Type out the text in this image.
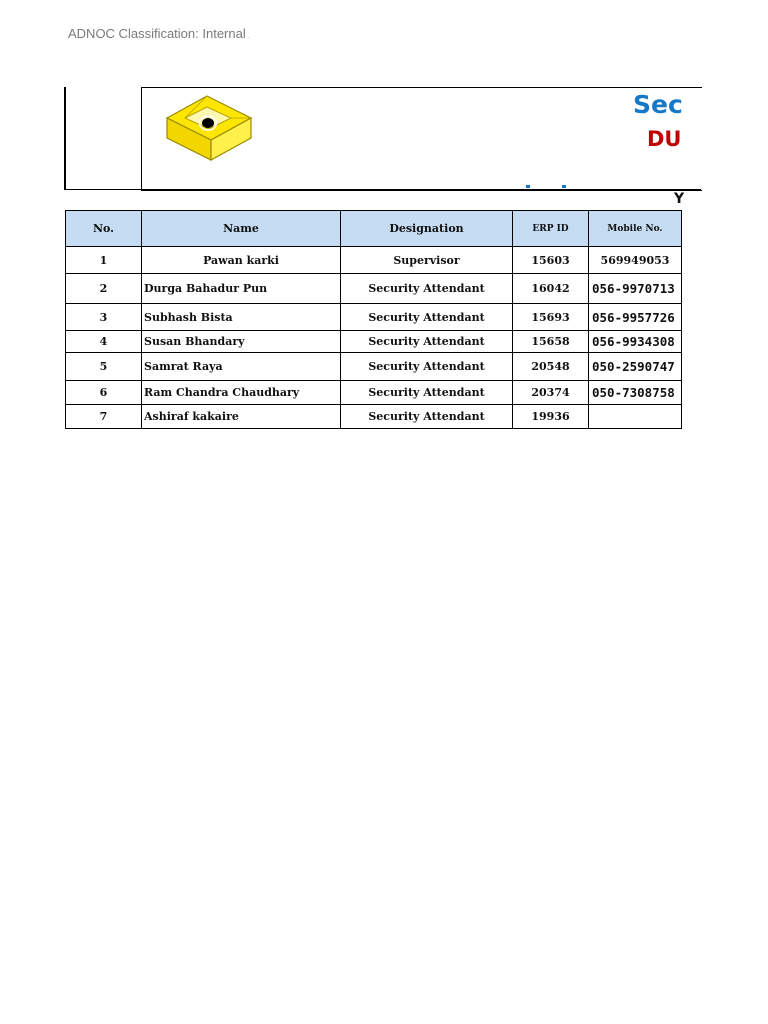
ADNOC Classification: Internal .
Sec
DU
Y
No.	Name	Designation	ERP ID	Mobile No.
1	Pawan karki	Supervisor	15603	569949053
2	Durga Bahadur Pun	Security Attendant	16042	056-9970713
3	Subhash Bista	Security Attendant	15693	056-9957726
4	Susan Bhandary	Security Attendant	15658	056-9934308
5	Samrat Raya	Security Attendant	20548	050-2590747
6	Ram Chandra Chaudhary	Security Attendant	20374	050-7308758
7	Ashiraf kakaire	Security Attendant	19936	
